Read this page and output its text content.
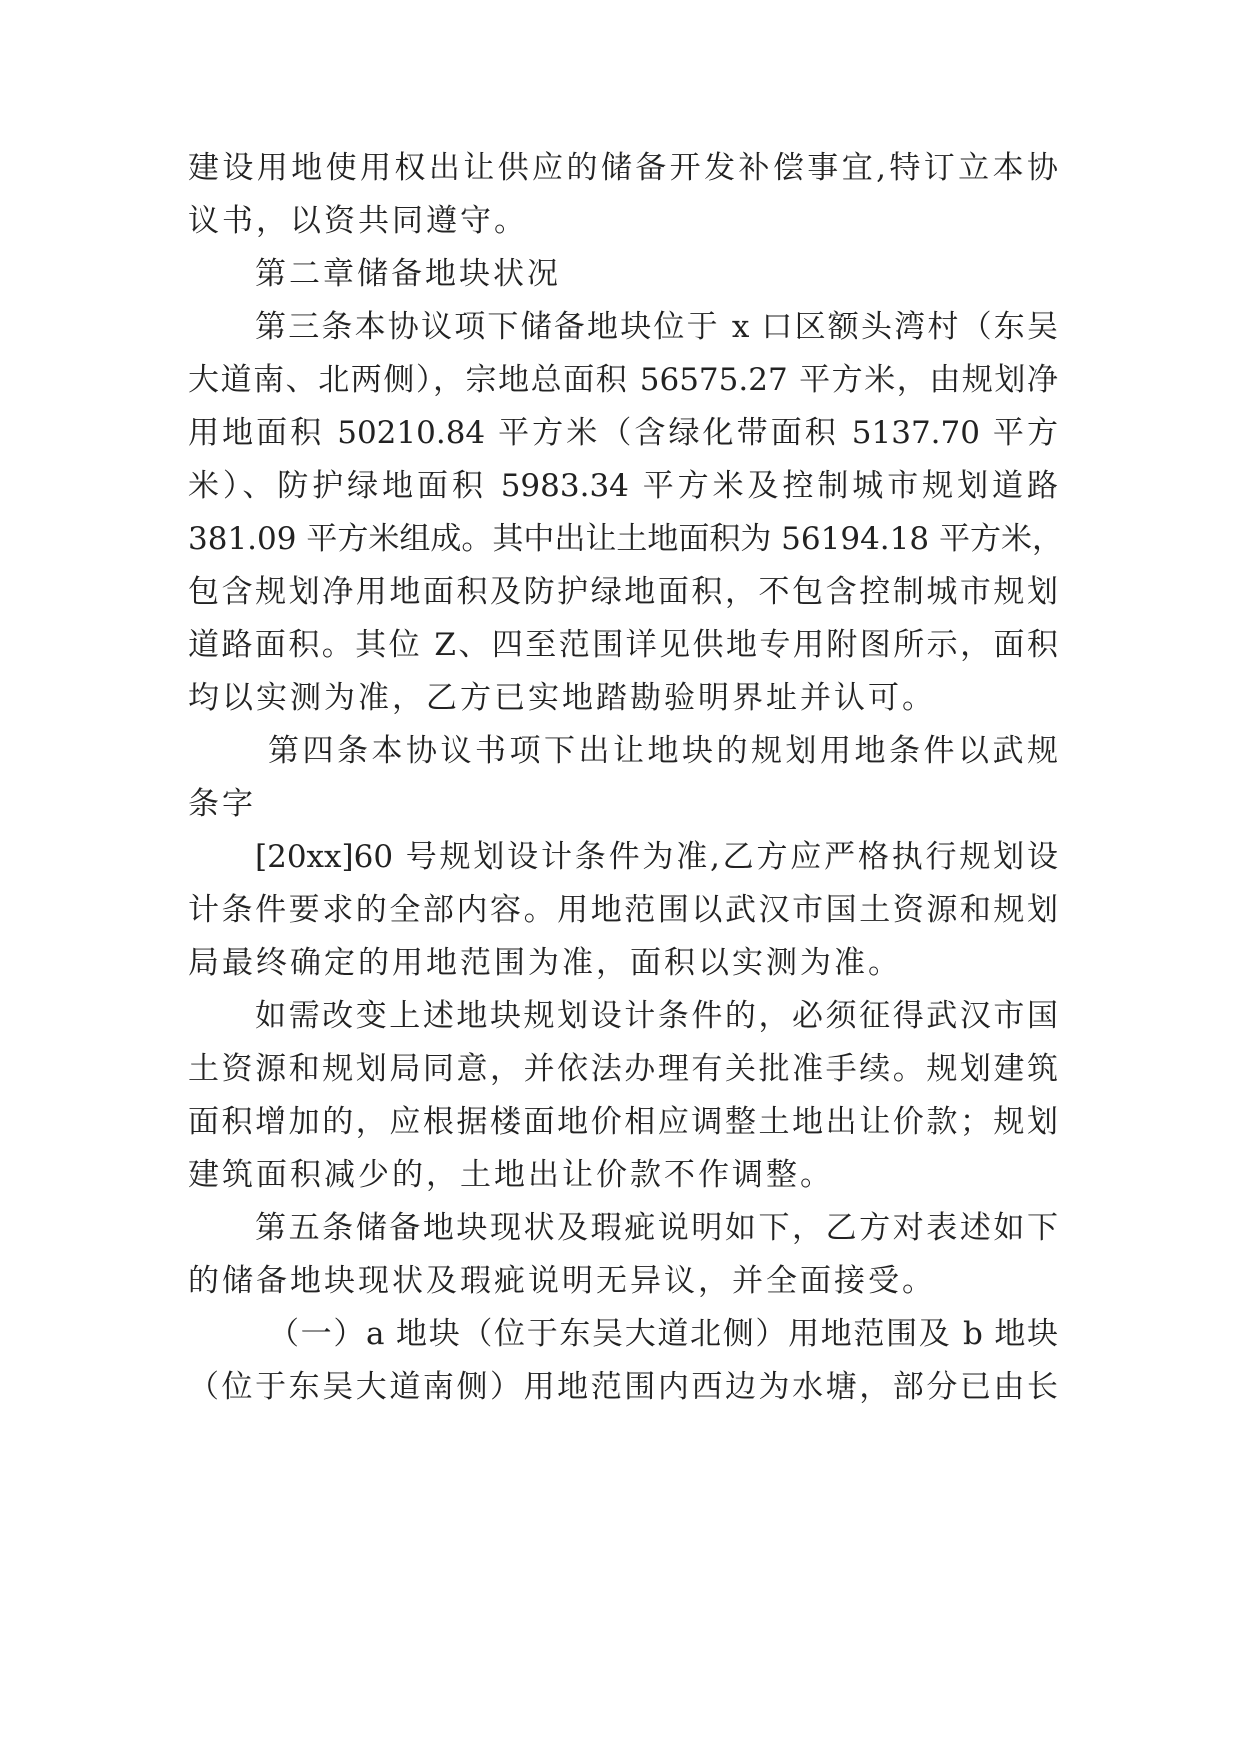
建设用地使用权出让供应的储备开发补偿事宜,特订立本协
议书，以资共同遵守。
第二章储备地块状况
第三条本协议项下储备地块位于 x 口区额头湾村（东吴
大道南、北两侧），宗地总面积 56575.27 平方米，由规划净
用地面积 50210.84 平方米（含绿化带面积 5137.70 平方
米）、防护绿地面积 5983.34 平方米及控制城市规划道路
381.09 平方米组成。其中出让土地面积为 56194.18 平方米，
包含规划净用地面积及防护绿地面积，不包含控制城市规划
道路面积。其位 Z、四至范围详见供地专用附图所示，面积
均以实测为准，乙方已实地踏勘验明界址并认可。
第四条本协议书项下出让地块的规划用地条件以武规
条字
[20xx]60 号规划设计条件为准,乙方应严格执行规划设
计条件要求的全部内容。用地范围以武汉市国土资源和规划
局最终确定的用地范围为准，面积以实测为准。
如需改变上述地块规划设计条件的，必须征得武汉市国
土资源和规划局同意，并依法办理有关批准手续。规划建筑
面积增加的，应根据楼面地价相应调整土地出让价款；规划
建筑面积减少的，土地出让价款不作调整。
第五条储备地块现状及瑕疵说明如下，乙方对表述如下
的储备地块现状及瑕疵说明无异议，并全面接受。
（一）a 地块（位于东吴大道北侧）用地范围及 b 地块
（位于东吴大道南侧）用地范围内西边为水塘，部分已由长
